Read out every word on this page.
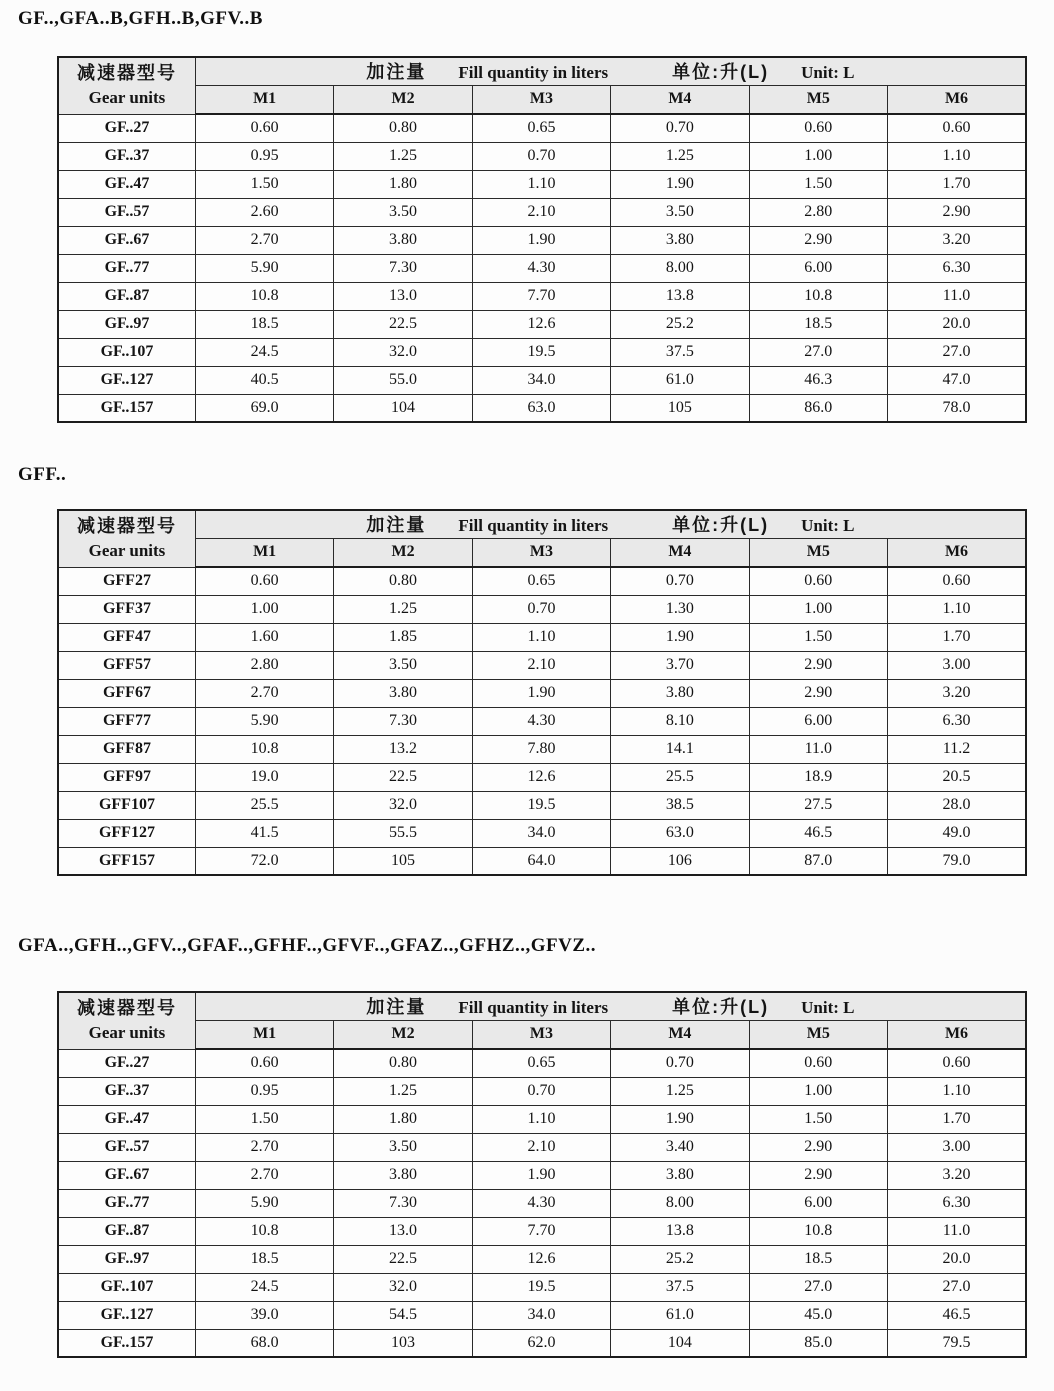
GF..,GFA..B,GFH..B,GFV..B
减速器型号
Gear units	加注量 Fill quantity in liters 单位:升(L) Unit: L					
	M1	M2	M3	M4	M5	M6
GF..27	0.60	0.80	0.65	0.70	0.60	0.60
GF..37	0.95	1.25	0.70	1.25	1.00	1.10
GF..47	1.50	1.80	1.10	1.90	1.50	1.70
GF..57	2.60	3.50	2.10	3.50	2.80	2.90
GF..67	2.70	3.80	1.90	3.80	2.90	3.20
GF..77	5.90	7.30	4.30	8.00	6.00	6.30
GF..87	10.8	13.0	7.70	13.8	10.8	11.0
GF..97	18.5	22.5	12.6	25.2	18.5	20.0
GF..107	24.5	32.0	19.5	37.5	27.0	27.0
GF..127	40.5	55.0	34.0	61.0	46.3	47.0
GF..157	69.0	104	63.0	105	86.0	78.0
GFF..
减速器型号
Gear units	加注量 Fill quantity in liters 单位:升(L) Unit: L					
	M1	M2	M3	M4	M5	M6
GFF27	0.60	0.80	0.65	0.70	0.60	0.60
GFF37	1.00	1.25	0.70	1.30	1.00	1.10
GFF47	1.60	1.85	1.10	1.90	1.50	1.70
GFF57	2.80	3.50	2.10	3.70	2.90	3.00
GFF67	2.70	3.80	1.90	3.80	2.90	3.20
GFF77	5.90	7.30	4.30	8.10	6.00	6.30
GFF87	10.8	13.2	7.80	14.1	11.0	11.2
GFF97	19.0	22.5	12.6	25.5	18.9	20.5
GFF107	25.5	32.0	19.5	38.5	27.5	28.0
GFF127	41.5	55.5	34.0	63.0	46.5	49.0
GFF157	72.0	105	64.0	106	87.0	79.0
GFA..,GFH..,GFV..,GFAF..,GFHF..,GFVF..,GFAZ..,GFHZ..,GFVZ..
减速器型号
Gear units	加注量 Fill quantity in liters 单位:升(L) Unit: L					
	M1	M2	M3	M4	M5	M6
GF..27	0.60	0.80	0.65	0.70	0.60	0.60
GF..37	0.95	1.25	0.70	1.25	1.00	1.10
GF..47	1.50	1.80	1.10	1.90	1.50	1.70
GF..57	2.70	3.50	2.10	3.40	2.90	3.00
GF..67	2.70	3.80	1.90	3.80	2.90	3.20
GF..77	5.90	7.30	4.30	8.00	6.00	6.30
GF..87	10.8	13.0	7.70	13.8	10.8	11.0
GF..97	18.5	22.5	12.6	25.2	18.5	20.0
GF..107	24.5	32.0	19.5	37.5	27.0	27.0
GF..127	39.0	54.5	34.0	61.0	45.0	46.5
GF..157	68.0	103	62.0	104	85.0	79.5
